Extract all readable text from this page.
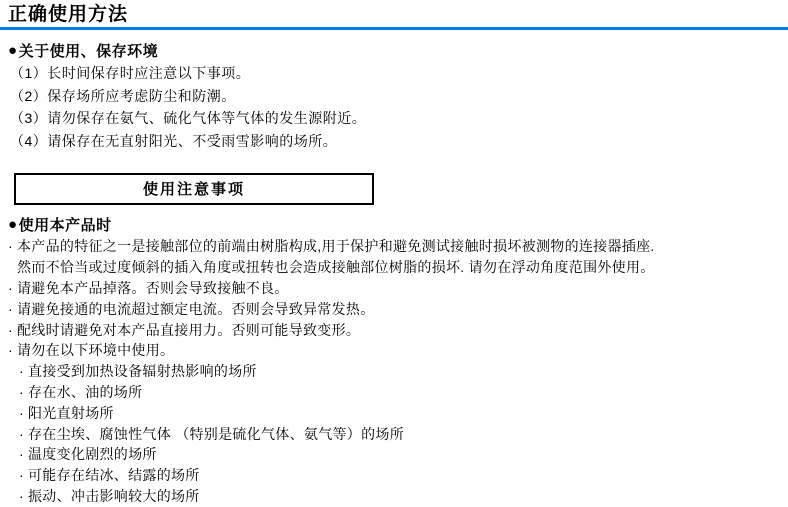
正确使用方法
● 关于使用、保存环境
（1）长时间保存时应注意以下事项。
（2）保存场所应考虑防尘和防潮。
（3）请勿保存在氨气、硫化气体等气体的发生源附近。
（4）请保存在无直射阳光、不受雨雪影响的场所。
使用注意事项
● 使用本产品时
· 本产品的特征之一是接触部位的前端由树脂构成,用于保护和避免测试接触时损坏被测物的连接器插座.
然而不恰当或过度倾斜的插入角度或扭转也会造成接触部位树脂的损坏. 请勿在浮动角度范围外使用。
· 请避免本产品掉落。否则会导致接触不良。
· 请避免接通的电流超过额定电流。否则会导致异常发热。
· 配线时请避免对本产品直接用力。否则可能导致变形。
· 请勿在以下环境中使用。
· 直接受到加热设备辐射热影响的场所
· 存在水、油的场所
· 阳光直射场所
· 存在尘埃、腐蚀性气体 （特别是硫化气体、氨气等）的场所
· 温度变化剧烈的场所
· 可能存在结冰、结露的场所
· 振动、冲击影响较大的场所
